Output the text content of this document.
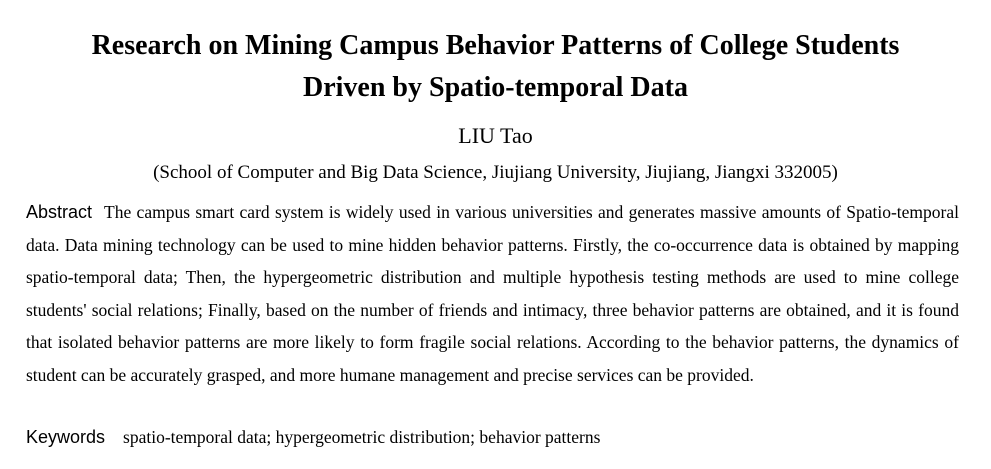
Research on Mining Campus Behavior Patterns of College Students
Driven by Spatio-temporal Data
LIU Tao
(School of Computer and Big Data Science, Jiujiang University, Jiujiang, Jiangxi 332005)

Abstract The campus smart card system is widely used in various universities and generates massive amounts of Spatio-temporal data. Data mining technology can be used to mine hidden behavior patterns. Firstly, the co-occurrence data is obtained by mapping spatio-temporal data; Then, the hypergeometric distribution and multiple hypothesis testing methods are used to mine college students' social relations; Finally, based on the number of friends and intimacy, three behavior patterns are obtained, and it is found that isolated behavior patterns are more likely to form fragile social relations. According to the behavior patterns, the dynamics of student can be accurately grasped, and more humane management and precise services can be provided.

Keywords spatio-temporal data; hypergeometric distribution; behavior patterns
